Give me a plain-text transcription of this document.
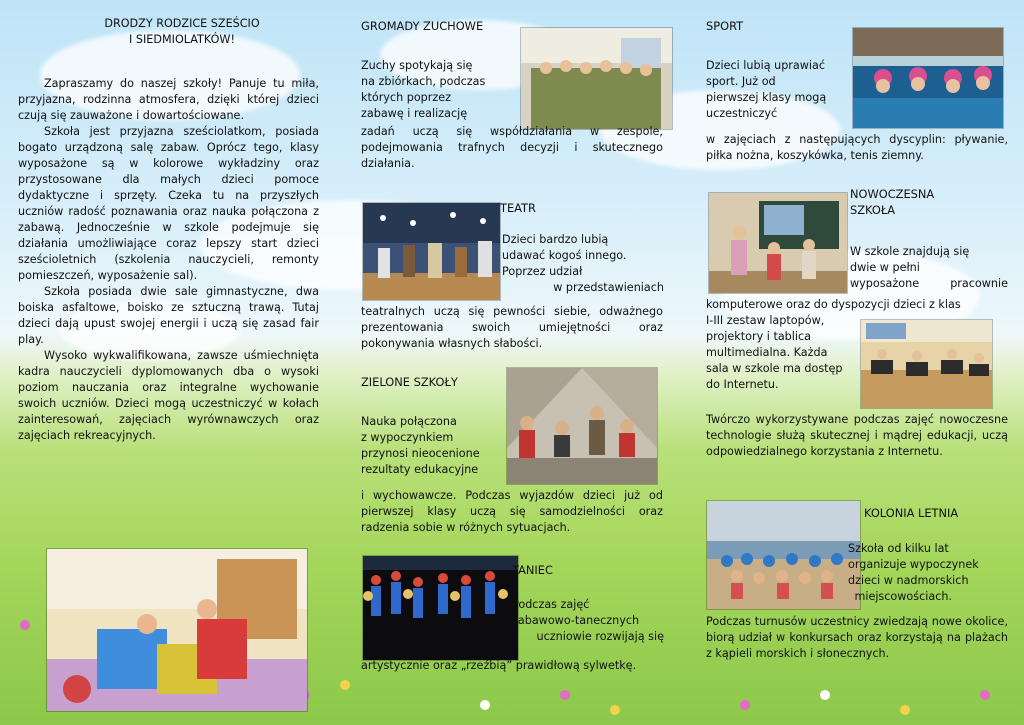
DRODZY RODZICE SZEŚCIO

I SIEDMIOLATKÓW!

Zapraszamy do naszej szkoły! Panuje tu miła, przyjazna, rodzinna atmosfera, dzięki której dzieci czują się zauważone i dowartościowane.

Szkoła jest przyjazna sześciolatkom, posiada bogato urządzoną salę zabaw. Oprócz tego, klasy wyposażone są w kolorowe wykładziny oraz przystosowane dla małych dzieci pomoce dydaktyczne i sprzęty. Czeka tu na przyszłych uczniów radość poznawania oraz nauka połączona z zabawą. Jednocześnie w szkole podejmuje się działania umożliwiające coraz lepszy start dzieci sześcioletnich (szkolenia nauczycieli, remonty pomieszczeń, wyposażenie sal).

Szkoła posiada dwie sale gimnastyczne, dwa boiska asfaltowe, boisko ze sztuczną trawą. Tutaj dzieci dają upust swojej energii i uczą się zasad fair play.

Wysoko wykwalifikowana, zawsze uśmiechnięta kadra nauczycieli dyplomowanych dba o wysoki poziom nauczania oraz integralne wychowanie swoich uczniów. Dzieci mogą uczestniczyć w kołach zainteresowań, zajęciach wyrównawczych oraz zajęciach rekreacyjnych.

GROMADY ZUCHOWE

Zuchy spotykają się

na zbiórkach, podczas

których poprzez

zabawę i realizację

zadań uczą się współdziałania w zespole, podejmowania trafnych decyzji i skutecznego działania.
TEATR

Dzieci bardzo lubią

udawać kogoś innego.

Poprzez udział

w przedstawieniach

teatralnych uczą się pewności siebie, odważnego prezentowania swoich umiejętności oraz pokonywania własnych słabości.
ZIELONE SZKOŁY

Nauka połączona

z wypoczynkiem

przynosi nieocenione

rezultaty edukacyjne

i wychowawcze. Podczas wyjazdów dzieci już od pierwszej klasy uczą się samodzielności oraz radzenia sobie w różnych sytuacjach.
TANIEC

Podczas zajęć

zabawowo-tanecznych

uczniowie rozwijają się

artystycznie oraz „rzeźbią” prawidłową sylwetkę.
SPORT

Dzieci lubią uprawiać

sport. Już od

pierwszej klasy mogą

uczestniczyć

w zajęciach z następujących dyscyplin: pływanie, piłka nożna, koszykówka, tenis ziemny.
NOWOCZESNA
SZKOŁA

W szkole znajdują się

dwie w pełni

wyposażone pracownie

komputerowe oraz do dyspozycji dzieci z klas

I-III zestaw laptopów,

projektory i tablica

multimedialna. Każda

sala w szkole ma dostęp

do Internetu.

Twórczo wykorzystywane podczas zajęć nowoczesne technologie służą skutecznej i mądrej edukacji, uczą odpowiedzialnego korzystania z Internetu.
KOLONIA LETNIA

Szkoła od kilku lat

organizuje wypoczynek

dzieci w nadmorskich

miejscowościach.

Podczas turnusów uczestnicy zwiedzają nowe okolice, biorą udział w konkursach oraz korzystają na plażach z kąpieli morskich i słonecznych.
